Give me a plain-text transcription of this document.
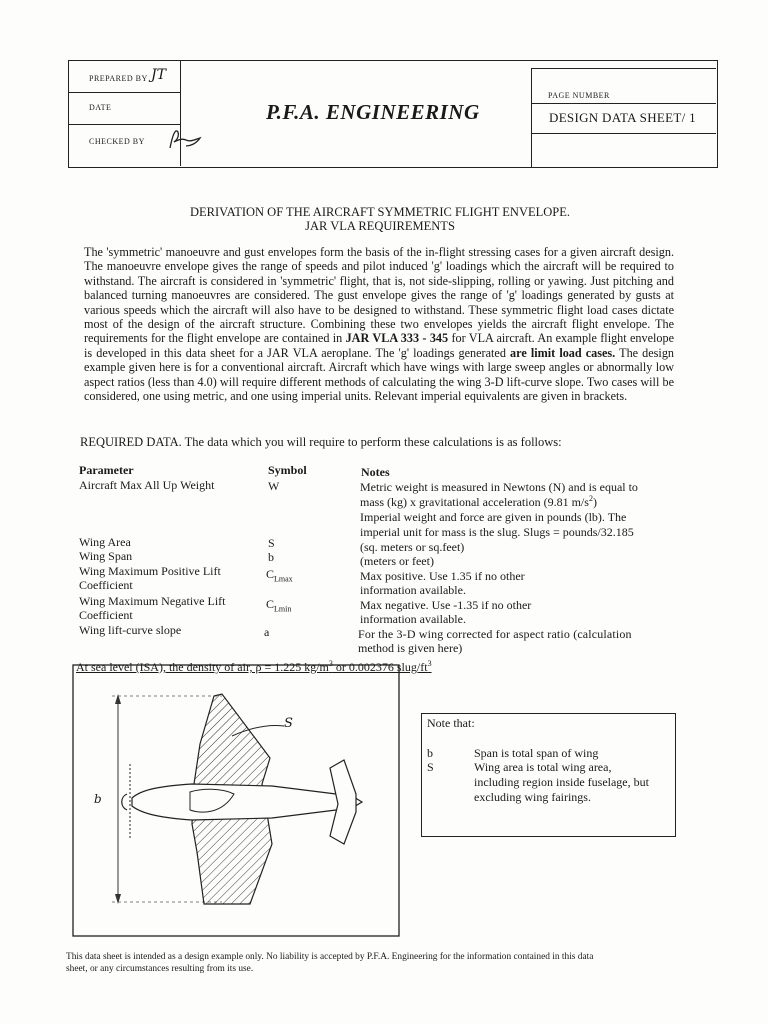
PREPARED BY JT
DATE
CHECKED BY
P.F.A. ENGINEERING
PAGE NUMBER
DESIGN DATA SHEET/ 1
DERIVATION OF THE AIRCRAFT SYMMETRIC FLIGHT ENVELOPE.
JAR VLA REQUIREMENTS
The 'symmetric' manoeuvre and gust envelopes form the basis of the in-flight stressing cases for a given aircraft design. The manoeuvre envelope gives the range of speeds and pilot induced 'g' loadings which the aircraft will be required to withstand. The aircraft is considered in 'symmetric' flight, that is, not side-slipping, rolling or yawing. Just pitching and balanced turning manoeuvres are considered. The gust envelope gives the range of 'g' loadings generated by gusts at various speeds which the aircraft will also have to be designed to withstand. These symmetric flight load cases dictate most of the design of the aircraft structure. Combining these two envelopes yields the aircraft flight envelope. The requirements for the flight envelope are contained in JAR VLA 333 - 345 for VLA aircraft. An example flight envelope is developed in this data sheet for a JAR VLA aeroplane. The 'g' loadings generated are limit load cases. The design example given here is for a conventional aircraft. Aircraft which have wings with large sweep angles or abnormally low aspect ratios (less than 4.0) will require different methods of calculating the wing 3-D lift-curve slope. Two cases will be considered, one using metric, and one using imperial units. Relevant imperial equivalents are given in brackets.
REQUIRED DATA. The data which you will require to perform these calculations is as follows:
Parameter	Symbol	Notes
Aircraft Max All Up Weight	W	Metric weight is measured in Newtons (N) and is equal to
mass (kg) x gravitational acceleration (9.81 $m/s^2$)
Imperial weight and force are given in pounds (lb). The
imperial unit for mass is the slug. Slugs = pounds/32.185
Wing Area	S	(sq. meters or sq.feet)
Wing Span	b	(meters or feet)
Wing Maximum Positive Lift
Coefficient
$C_{Lmax}$	Max positive. Use 1.35 if no other
information available.
Wing Maximum Negative Lift
Coefficient
$C_{Lmin}$	Max negative. Use -1.35 if no other
information available.
Wing lift-curve slope	a	For the 3-D wing corrected for aspect ratio (calculation
method is given here)
At sea level (ISA), the density of air, ρ = 1.225 $kg/m^3$ or 0.002376 slug/$ft^3$
b
S	Note that:
b	Span is total span of wing
S	Wing area is total wing area,
including region inside fuselage, but
excluding wing fairings.
This data sheet is intended as a design example only. No liability is accepted by P.F.A. Engineering for the information contained in this data
sheet, or any circumstances resulting from its use.
